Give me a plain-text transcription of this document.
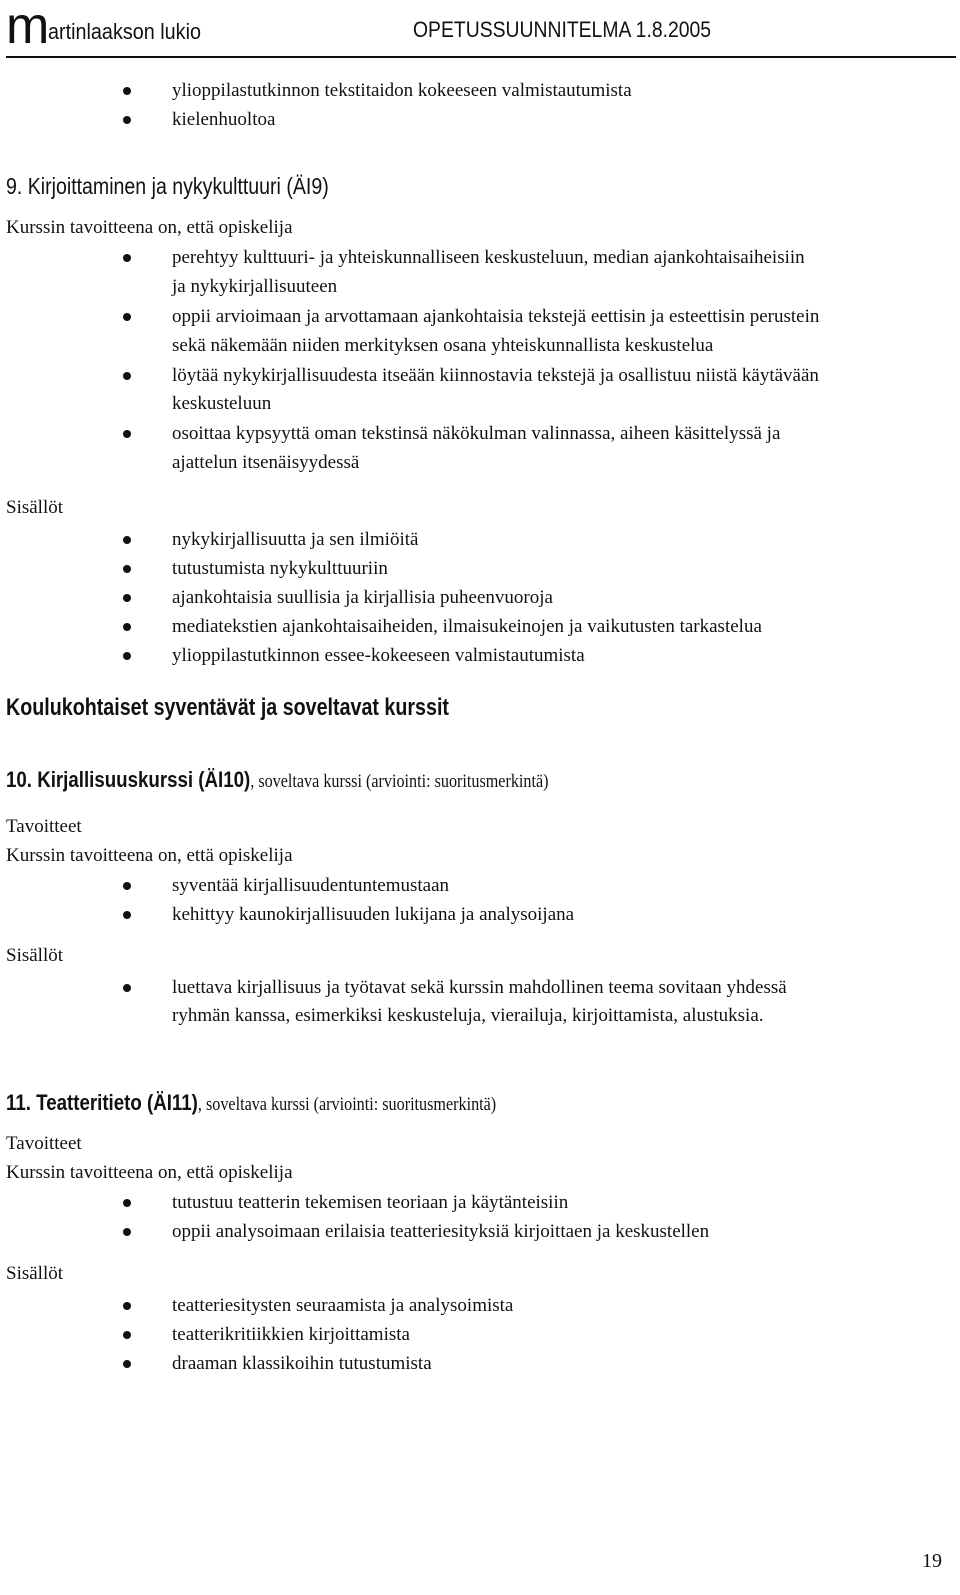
martinlaakson lukio	OPETUSSUUNNITELMA 1.8.2005
ylioppilastutkinnon tekstitaidon kokeeseen valmistautumista
kielenhuoltoa
9. Kirjoittaminen ja nykykulttuuri (ÄI9)
Kurssin tavoitteena on, että opiskelija
perehtyy kulttuuri- ja yhteiskunnalliseen keskusteluun, median ajankohtaisaiheisiin
ja nykykirjallisuuteen
oppii arvioimaan ja arvottamaan ajankohtaisia tekstejä eettisin ja esteettisin perustein
sekä näkemään niiden merkityksen osana yhteiskunnallista keskustelua
löytää nykykirjallisuudesta itseään kiinnostavia tekstejä ja osallistuu niistä käytävään
keskusteluun
osoittaa kypsyyttä oman tekstinsä näkökulman valinnassa, aiheen käsittelyssä ja
ajattelun itsenäisyydessä
Sisällöt
nykykirjallisuutta ja sen ilmiöitä
tutustumista nykykulttuuriin
ajankohtaisia suullisia ja kirjallisia puheenvuoroja
mediatekstien ajankohtaisaiheiden, ilmaisukeinojen ja vaikutusten tarkastelua
ylioppilastutkinnon essee-kokeeseen valmistautumista
Koulukohtaiset syventävät ja soveltavat kurssit
10. Kirjallisuuskurssi (ÄI10), soveltava kurssi (arviointi: suoritusmerkintä)
Tavoitteet
Kurssin tavoitteena on, että opiskelija
syventää kirjallisuudentuntemustaan
kehittyy kaunokirjallisuuden lukijana ja analysoijana
Sisällöt
luettava kirjallisuus ja työtavat sekä kurssin mahdollinen teema sovitaan yhdessä
ryhmän kanssa, esimerkiksi keskusteluja, vierailuja, kirjoittamista, alustuksia.
11. Teatteritieto (ÄI11), soveltava kurssi (arviointi: suoritusmerkintä)
Tavoitteet
Kurssin tavoitteena on, että opiskelija
tutustuu teatterin tekemisen teoriaan ja käytänteisiin
oppii analysoimaan erilaisia teatteriesityksiä kirjoittaen ja keskustellen
Sisällöt
teatteriesitysten seuraamista ja analysoimista
teatterikritiikkien kirjoittamista
draaman klassikoihin tutustumista
19
